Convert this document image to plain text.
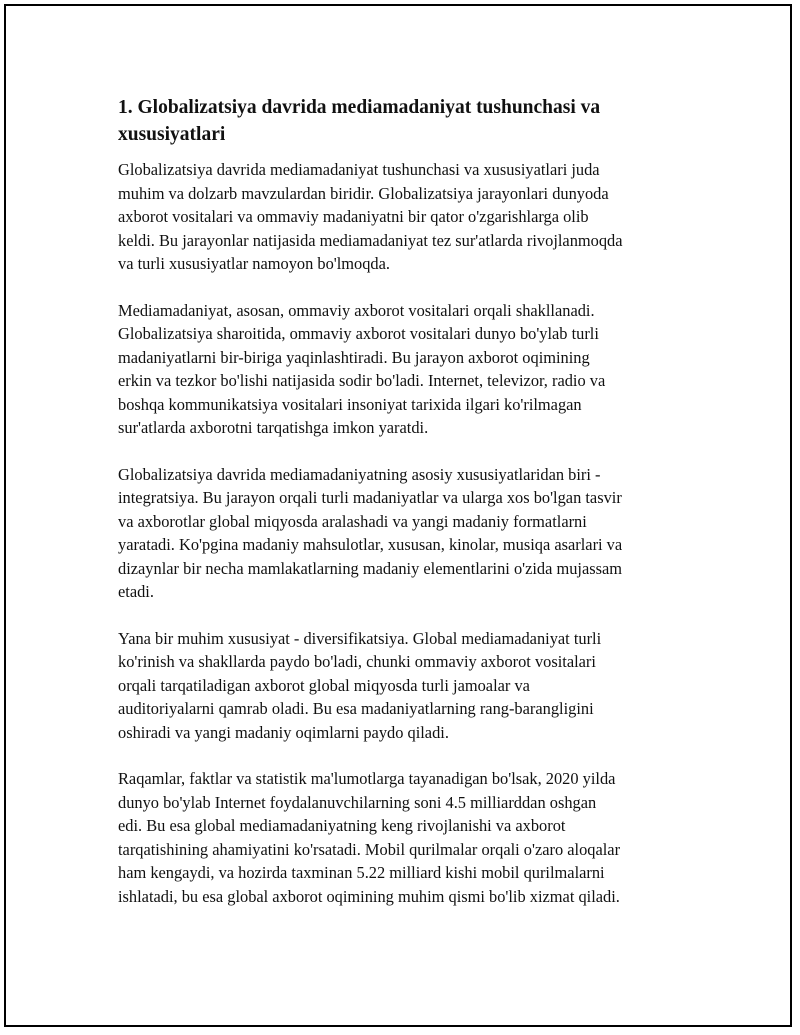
1. Globalizatsiya davrida mediamadaniyat tushunchasi va
xususiyatlari

Globalizatsiya davrida mediamadaniyat tushunchasi va xususiyatlari juda
muhim va dolzarb mavzulardan biridir. Globalizatsiya jarayonlari dunyoda
axborot vositalari va ommaviy madaniyatni bir qator o'zgarishlarga olib
keldi. Bu jarayonlar natijasida mediamadaniyat tez sur'atlarda rivojlanmoqda
va turli xususiyatlar namoyon bo'lmoqda.

Mediamadaniyat, asosan, ommaviy axborot vositalari orqali shakllanadi.
Globalizatsiya sharoitida, ommaviy axborot vositalari dunyo bo'ylab turli
madaniyatlarni bir-biriga yaqinlashtiradi. Bu jarayon axborot oqimining
erkin va tezkor bo'lishi natijasida sodir bo'ladi. Internet, televizor, radio va
boshqa kommunikatsiya vositalari insoniyat tarixida ilgari ko'rilmagan
sur'atlarda axborotni tarqatishga imkon yaratdi.

Globalizatsiya davrida mediamadaniyatning asosiy xususiyatlaridan biri -
integratsiya. Bu jarayon orqali turli madaniyatlar va ularga xos bo'lgan tasvir
va axborotlar global miqyosda aralashadi va yangi madaniy formatlarni
yaratadi. Ko'pgina madaniy mahsulotlar, xususan, kinolar, musiqa asarlari va
dizaynlar bir necha mamlakatlarning madaniy elementlarini o'zida mujassam
etadi.

Yana bir muhim xususiyat - diversifikatsiya. Global mediamadaniyat turli
ko'rinish va shakllarda paydo bo'ladi, chunki ommaviy axborot vositalari
orqali tarqatiladigan axborot global miqyosda turli jamoalar va
auditoriyalarni qamrab oladi. Bu esa madaniyatlarning rang-barangligini
oshiradi va yangi madaniy oqimlarni paydo qiladi.

Raqamlar, faktlar va statistik ma'lumotlarga tayanadigan bo'lsak, 2020 yilda
dunyo bo'ylab Internet foydalanuvchilarning soni 4.5 milliarddan oshgan
edi. Bu esa global mediamadaniyatning keng rivojlanishi va axborot
tarqatishining ahamiyatini ko'rsatadi. Mobil qurilmalar orqali o'zaro aloqalar
ham kengaydi, va hozirda taxminan 5.22 milliard kishi mobil qurilmalarni
ishlatadi, bu esa global axborot oqimining muhim qismi bo'lib xizmat qiladi.
